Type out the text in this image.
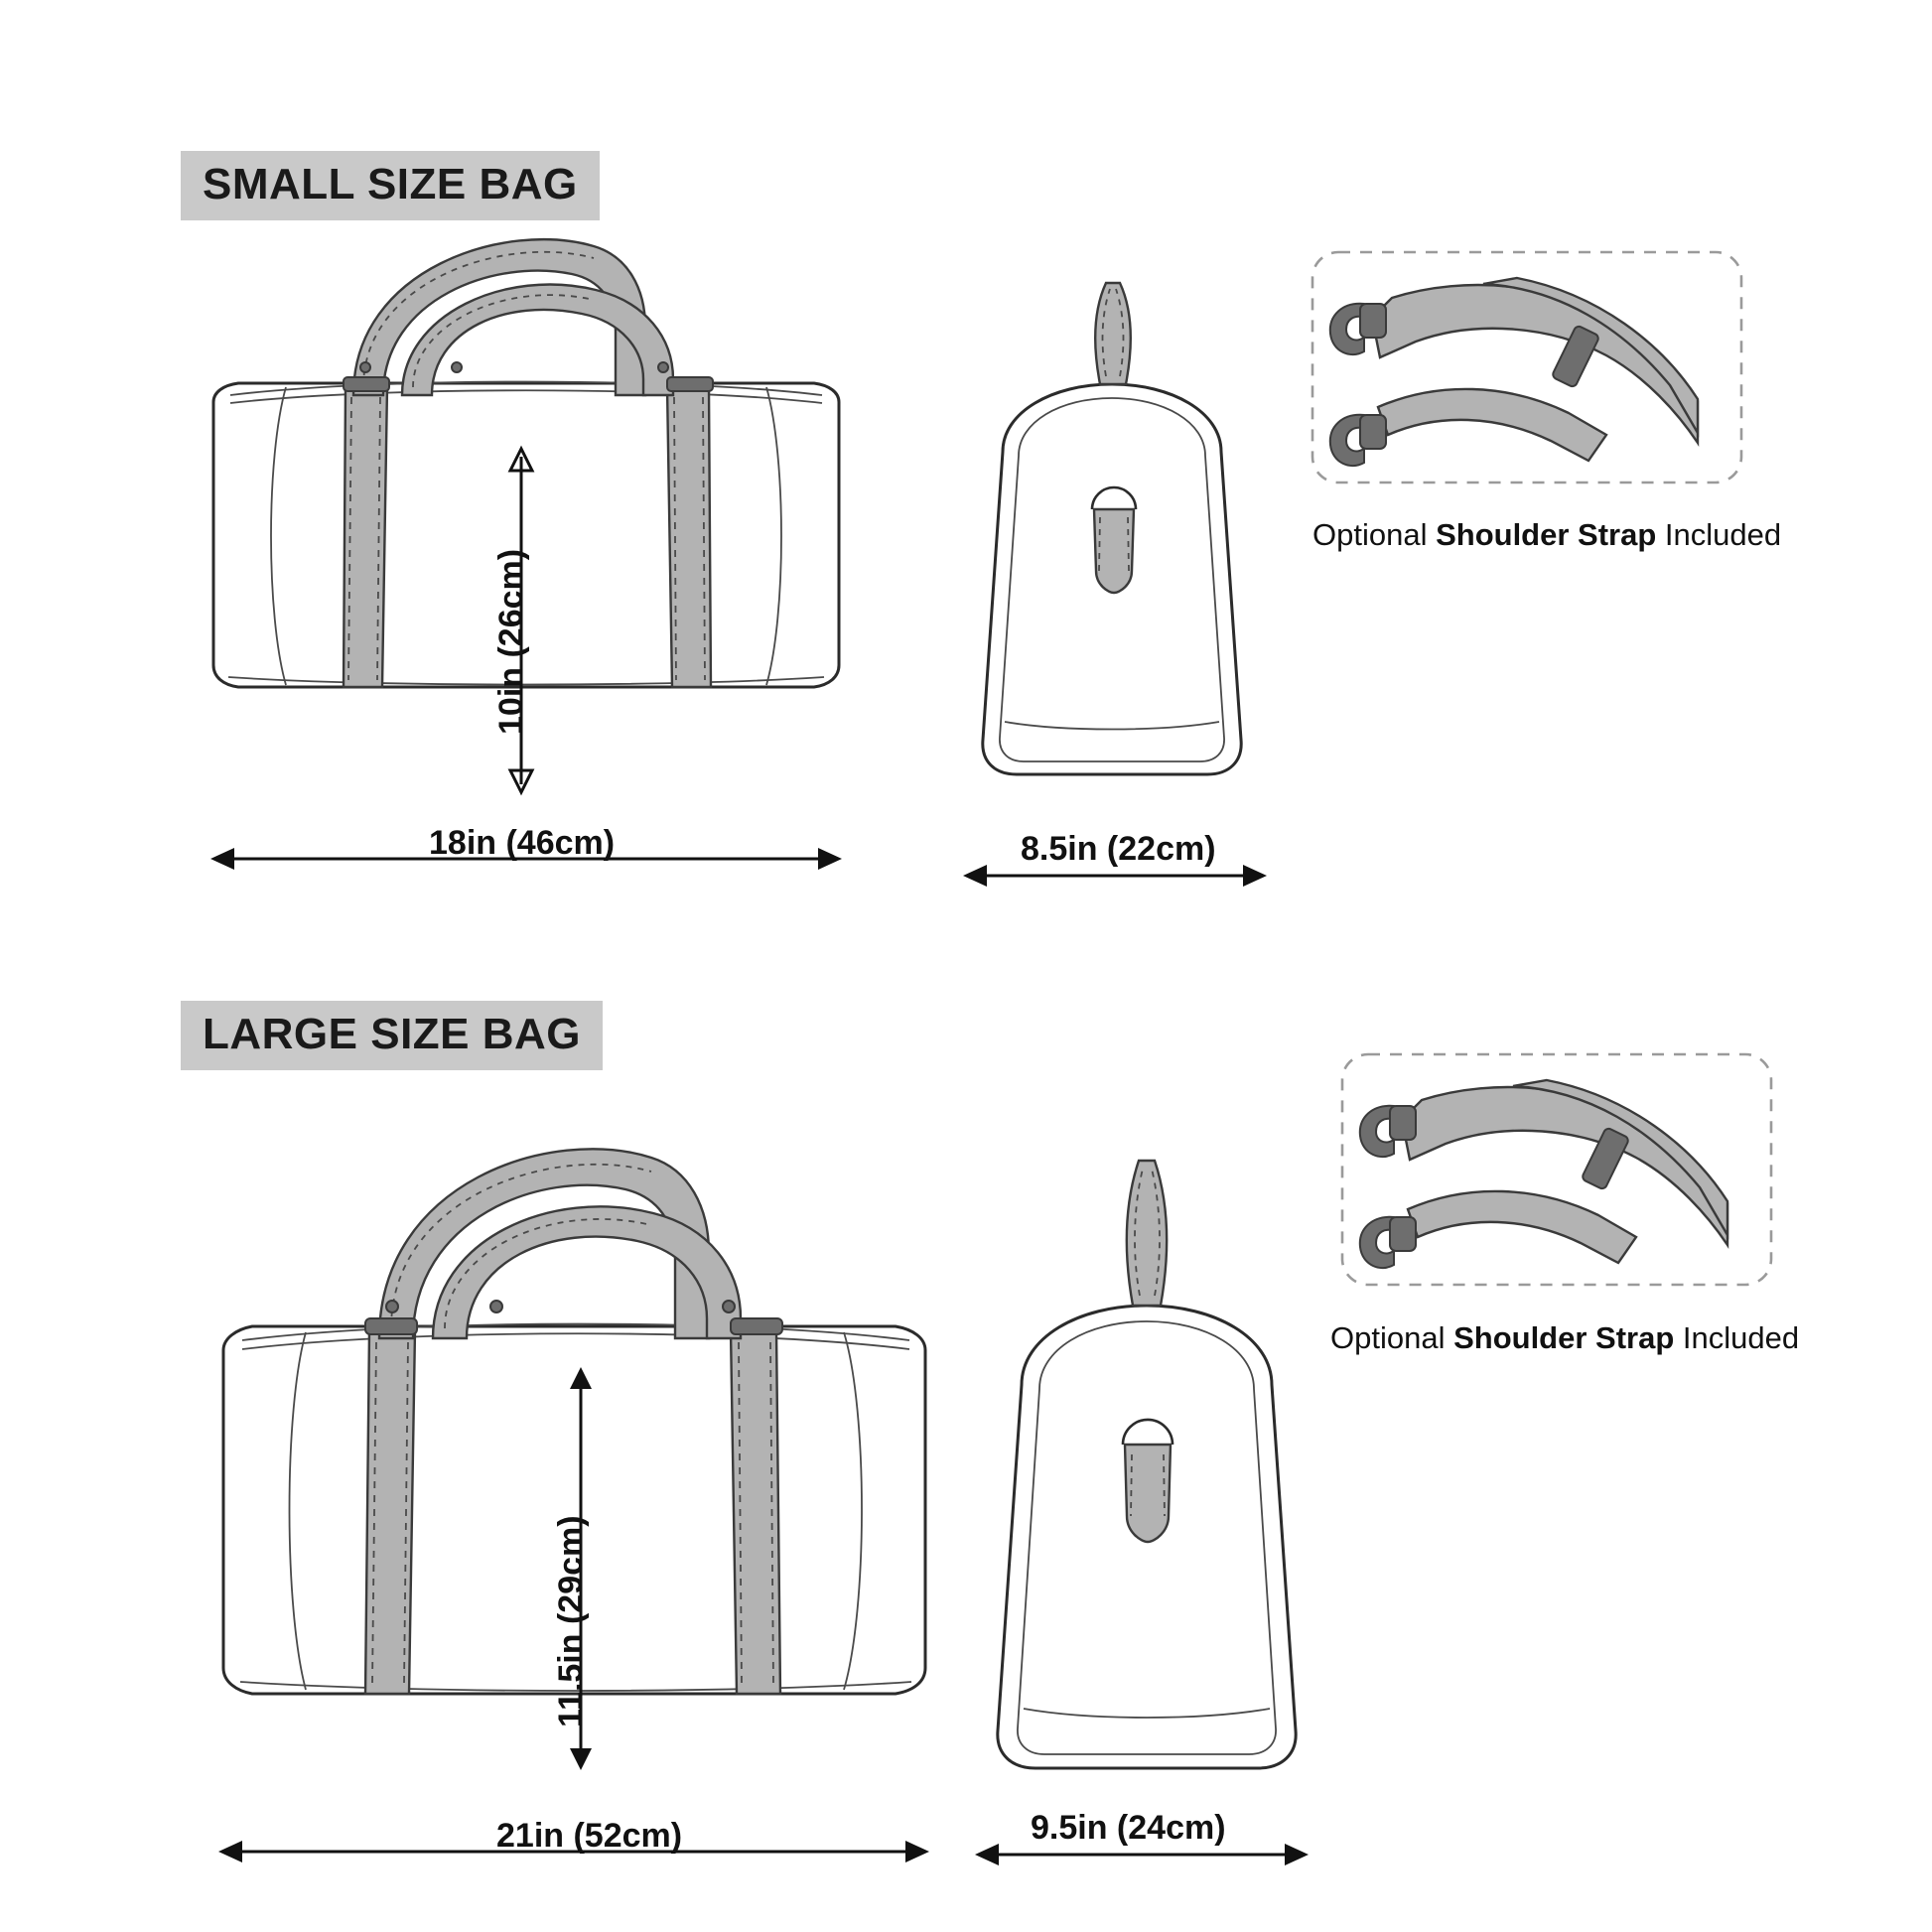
SMALL SIZE BAG
10in (26cm)
18in (46cm)	8.5in (22cm)
Optional Shoulder Strap Included
LARGE SIZE BAG
11.5in (29cm)
21in (52cm)	9.5in (24cm)
Optional Shoulder Strap Included
